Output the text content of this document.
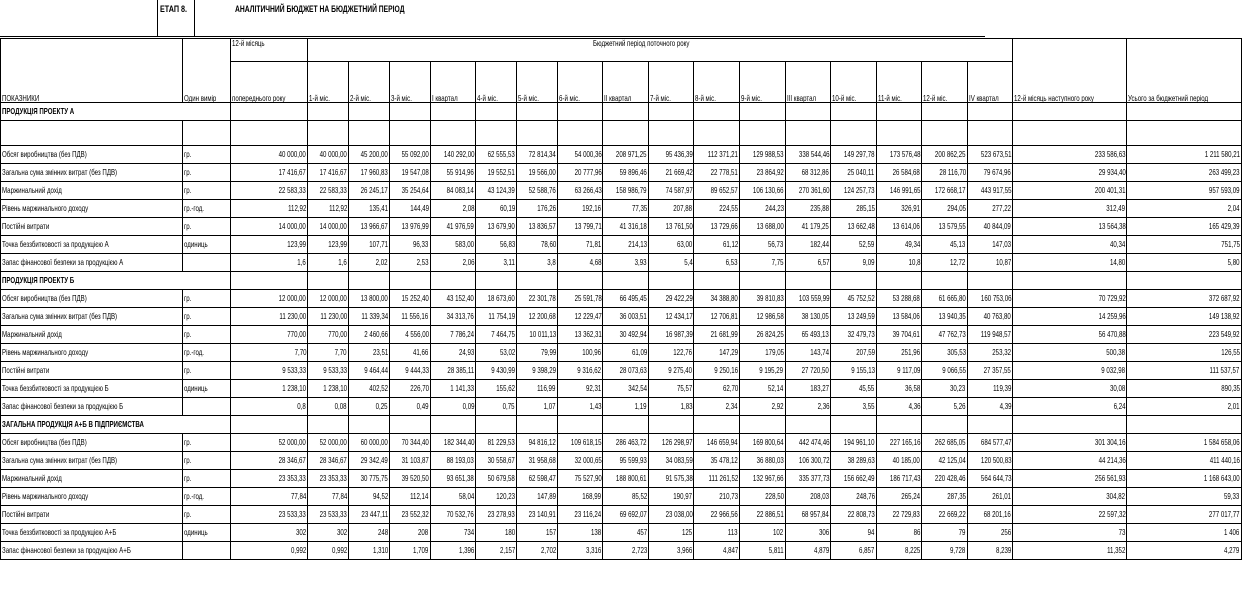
ЕТАП 8.	АНАЛІТИЧНИЙ БЮДЖЕТ НА БЮДЖЕТНИЙ ПЕРІОД
ПОКАЗНИКИ	Один вимір	12-й місяць	Бюджетний період поточного року																12-й місяць наступного року	Усього за бюджетний період
		попереднього року	1-й міс.	2-й міс.	3-й міс.	I квартал	4-й міс.	5-й міс.	6-й міс.	II квартал	7-й міс.	8-й міс.	9-й міс.	III квартал	10-й міс.	11-й міс.	12-й міс.	IV квартал		
ПРОДУКЦІЯ ПРОЕКТУ А																				

Обсяг виробництва (без ПДВ)	гр.	40 000,00	40 000,00	45 200,00	55 092,00	140 292,00	62 555,53	72 814,34	54 000,36	208 971,25	95 436,39	112 371,21	129 988,53	338 544,46	149 297,78	173 576,48	200 862,25	523 673,51	233 586,63	1 211 580,21
Загальна сума змінних витрат (без ПДВ)	гр.	17 416,67	17 416,67	17 960,83	19 547,08	55 914,96	19 552,51	19 566,00	20 777,96	59 896,46	21 669,42	22 778,51	23 864,92	68 312,86	25 040,11	26 584,68	28 116,70	79 674,96	29 934,40	263 499,23
Маржинальний дохід	гр.	22 583,33	22 583,33	26 245,17	35 254,64	84 083,14	43 124,39	52 588,76	63 266,43	158 986,79	74 587,97	89 652,57	106 130,66	270 361,60	124 257,73	146 991,65	172 668,17	443 917,55	200 401,31	957 593,09
Рівень маржинального доходу	гр.-год.	112,92	112,92	135,41	144,49	2,08	60,19	176,26	192,16	77,35	207,88	224,55	244,23	235,88	285,15	326,91	294,05	277,22	312,49	2,04
Постійні витрати	гр.	14 000,00	14 000,00	13 966,67	13 976,99	41 976,59	13 679,90	13 836,57	13 799,71	41 316,18	13 761,50	13 729,66	13 688,00	41 179,25	13 662,48	13 614,06	13 579,55	40 844,09	13 564,38	165 429,39
Точка беззбитковості за продукцією А	одиниць	123,99	123,99	107,71	96,33	583,00	56,83	78,60	71,81	214,13	63,00	61,12	56,73	182,44	52,59	49,34	45,13	147,03	40,34	751,75
Запас фінансової безпеки за продукцією А		1,6	1,6	2,02	2,53	2,06	3,11	3,8	4,68	3,93	5,4	6,53	7,75	6,57	9,09	10,8	12,72	10,87	14,80	5,80
ПРОДУКЦІЯ ПРОЕКТУ Б																				
Обсяг виробництва (без ПДВ)	гр.	12 000,00	12 000,00	13 800,00	15 252,40	43 152,40	18 673,60	22 301,78	25 591,78	66 495,45	29 422,29	34 388,80	39 810,83	103 559,99	45 752,52	53 288,68	61 665,80	160 753,06	70 729,92	372 687,92
Загальна сума змінних витрат (без ПДВ)	гр.	11 230,00	11 230,00	11 339,34	11 556,16	34 313,76	11 754,19	12 200,68	12 229,47	36 003,51	12 434,17	12 706,81	12 986,58	38 130,05	13 249,59	13 584,06	13 940,35	40 763,80	14 259,96	149 138,92
Маржинальний дохід	гр.	770,00	770,00	2 460,66	4 556,00	7 786,24	7 464,75	10 011,13	13 362,31	30 492,94	16 987,39	21 681,99	26 824,25	65 493,13	32 479,73	39 704,61	47 762,73	119 948,57	56 470,88	223 549,92
Рівень маржинального доходу	гр.-год.	7,70	7,70	23,51	41,66	24,93	53,02	79,99	100,96	61,09	122,76	147,29	179,05	143,74	207,59	251,96	305,53	253,32	500,38	126,55
Постійні витрати	гр.	9 533,33	9 533,33	9 464,44	9 444,33	28 385,11	9 430,99	9 398,29	9 316,62	28 073,63	9 275,40	9 250,16	9 195,29	27 720,50	9 155,13	9 117,09	9 066,55	27 357,55	9 032,98	111 537,57
Точка беззбитковості за продукцією Б	одиниць	1 238,10	1 238,10	402,52	226,70	1 141,33	155,62	116,99	92,31	342,54	75,57	62,70	52,14	183,27	45,55	36,58	30,23	119,39	30,08	890,35
Запас фінансової безпеки за продукцією Б		0,8	0,08	0,25	0,49	0,09	0,75	1,07	1,43	1,19	1,83	2,34	2,92	2,36	3,55	4,36	5,26	4,39	6,24	2,01
ЗАГАЛЬНА ПРОДУКЦІЯ А+Б В ПІДПРИЄМСТВА																				
Обсяг виробництва (без ПДВ)	гр.	52 000,00	52 000,00	60 000,00	70 344,40	182 344,40	81 229,53	94 816,12	109 618,15	286 463,72	126 298,97	146 659,94	169 800,64	442 474,46	194 961,10	227 165,16	262 685,05	684 577,47	301 304,16	1 584 658,06
Загальна сума змінних витрат (без ПДВ)	гр.	28 346,67	28 346,67	29 342,49	31 103,87	88 193,03	30 558,67	31 958,68	32 000,65	95 599,93	34 083,59	35 478,12	36 880,03	106 300,72	38 289,63	40 185,00	42 125,04	120 500,83	44 214,36	411 440,16
Маржинальний дохід	гр.	23 353,33	23 353,33	30 775,75	39 520,50	93 651,38	50 679,58	62 598,47	75 527,90	188 800,61	91 575,38	111 261,52	132 967,66	335 377,73	156 662,49	186 717,43	220 428,46	564 644,73	256 561,93	1 168 643,00
Рівень маржинального доходу	гр.-год.	77,84	77,84	94,52	112,14	58,04	120,23	147,89	168,99	85,52	190,97	210,73	228,50	208,03	248,76	265,24	287,35	261,01	304,82	59,33
Постійні витрати	гр.	23 533,33	23 533,33	23 447,11	23 552,32	70 532,76	23 278,93	23 140,91	23 116,24	69 692,07	23 038,00	22 966,56	22 886,51	68 957,84	22 808,73	22 729,83	22 669,22	68 201,16	22 597,32	277 017,77
Точка беззбитковості за продукцією А+Б	одиниць	302	302	248	208	734	180	157	138	457	125	113	102	306	94	86	79	256	73	1 406
Запас фінансової безпеки за продукцією А+Б		0,992	0,992	1,310	1,709	1,396	2,157	2,702	3,316	2,723	3,966	4,847	5,811	4,879	6,857	8,225	9,728	8,239	11,352	4,279
